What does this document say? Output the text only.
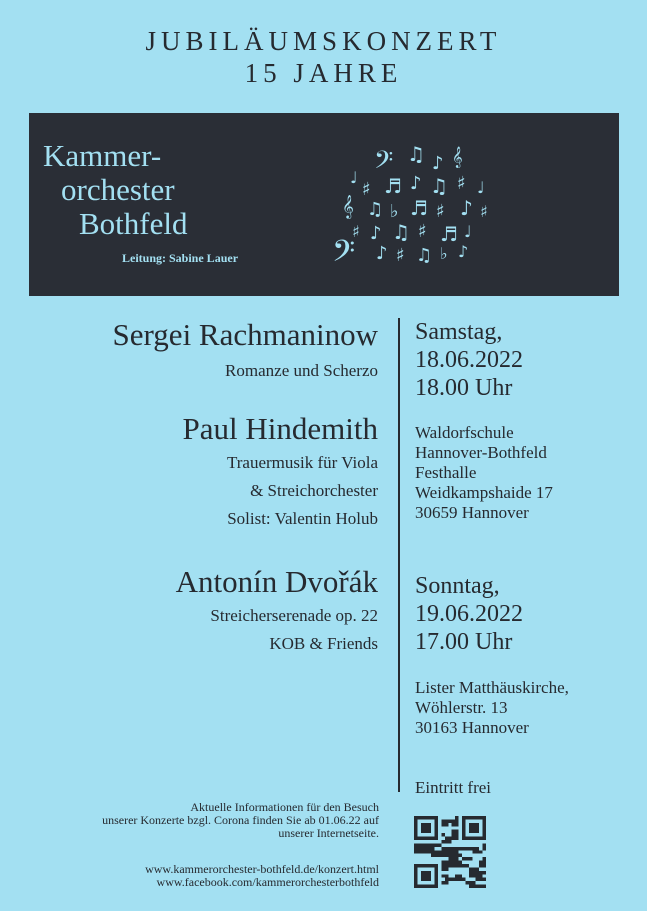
JUBILÄUMSKONZERT
15 JAHRE
Kammer-
orchester
Bothfeld
Leitung: Sabine Lauer
𝄢 ♫ ♪ 𝄞
♩
♯ ♬ ♪ ♫ ♯ ♩
𝄞 ♫ ♭ ♬ ♯ ♪ ♯
♯ ♪ ♫ ♯ ♬ ♩
𝄢 ♪ ♯ ♫ ♭ ♪
Sergei Rachmaninow
Romanze und Scherzo
Paul Hindemith
Trauermusik für Viola
& Streichorchester
Solist: Valentin Holub
Antonín Dvořák
Streicherserenade op. 22
KOB & Friends
Samstag,
18.06.2022
18.00 Uhr
Waldorfschule
Hannover-Bothfeld
Festhalle
Weidkampshaide 17
30659 Hannover
Sonntag,
19.06.2022
17.00 Uhr
Lister Matthäuskirche,
Wöhlerstr. 13
30163 Hannover
Eintritt frei
Aktuelle Informationen für den Besuch
unserer Konzerte bzgl. Corona finden Sie ab 01.06.22 auf
unserer Internetseite.
www.kammerorchester-bothfeld.de/konzert.html
www.facebook.com/kammerorchesterbothfeld
